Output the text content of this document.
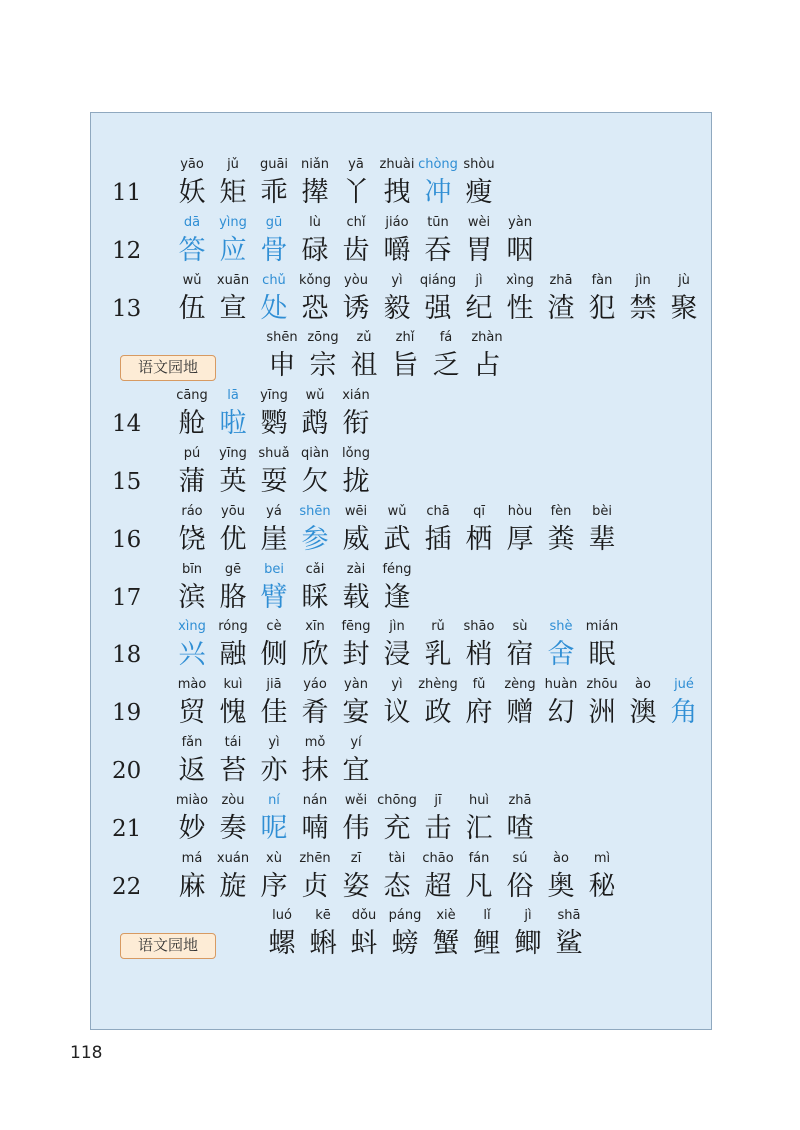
11
yāo
妖
jǔ
矩
guāi
乖
niǎn
撵
yā
丫
zhuài
拽
chòng
冲
shòu
瘦
12
dā
答
yìng
应
gū
骨
lù
碌
chǐ
齿
jiáo
嚼
tūn
吞
wèi
胃
yàn
咽
13
wǔ
伍
xuān
宣
chǔ
处
kǒng
恐
yòu
诱
yì
毅
qiáng
强
jì
纪
xìng
性
zhā
渣
fàn
犯
jìn
禁
jù
聚
语文园地
shēn
申
zōng
宗
zǔ
祖
zhǐ
旨
fá
乏
zhàn
占
14
cāng
舱
lā
啦
yīng
鹦
wǔ
鹉
xián
衔
15
pú
蒲
yīng
英
shuǎ
耍
qiàn
欠
lǒng
拢
16
ráo
饶
yōu
优
yá
崖
shēn
参
wēi
威
wǔ
武
chā
插
qī
栖
hòu
厚
fèn
粪
bèi
辈
17
bīn
滨
gē
胳
bei
臂
cǎi
睬
zài
载
féng
逢
18
xìng
兴
róng
融
cè
侧
xīn
欣
fēng
封
jìn
浸
rǔ
乳
shāo
梢
sù
宿
shè
舍
mián
眠
19
mào
贸
kuì
愧
jiā
佳
yáo
肴
yàn
宴
yì
议
zhèng
政
fǔ
府
zèng
赠
huàn
幻
zhōu
洲
ào
澳
jué
角
20
fǎn
返
tái
苔
yì
亦
mǒ
抹
yí
宜
21
miào
妙
zòu
奏
ní
呢
nán
喃
wěi
伟
chōng
充
jī
击
huì
汇
zhā
喳
22
má
麻
xuán
旋
xù
序
zhēn
贞
zī
姿
tài
态
chāo
超
fán
凡
sú
俗
ào
奥
mì
秘
语文园地
luó
螺
kē
蝌
dǒu
蚪
páng
螃
xiè
蟹
lǐ
鲤
jì
鲫
shā
鲨
118
